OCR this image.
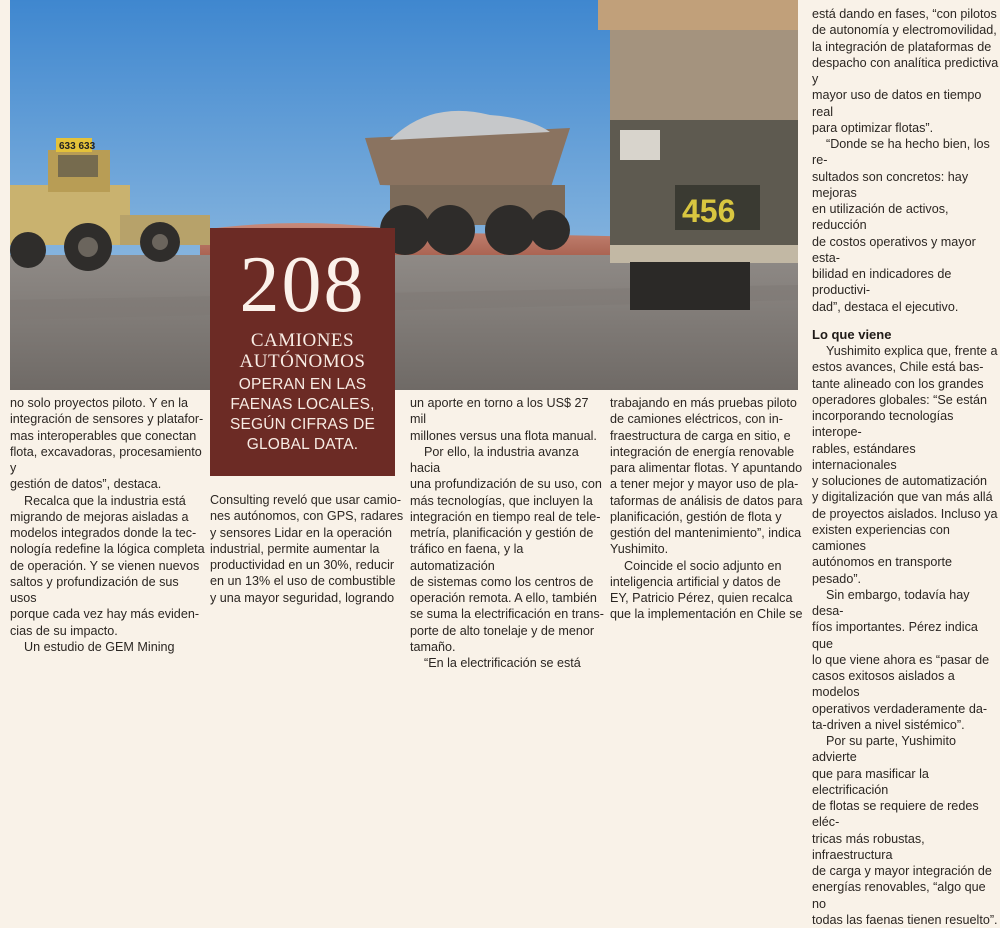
633 633
456
208
CAMIONES
AUTÓNOMOS
OPERAN EN LAS
FAENAS LOCALES,
SEGÚN CIFRAS DE
GLOBAL DATA.

no solo proyectos piloto. Y en la
integración de sensores y platafor-
mas interoperables que conectan
flota, excavadoras, procesamiento y
gestión de datos”, destaca.

Recalca que la industria está
migrando de mejoras aisladas a
modelos integrados donde la tec-
nología redefine la lógica completa
de operación. Y se vienen nuevos
saltos y profundización de sus usos
porque cada vez hay más eviden-
cias de su impacto.

Un estudio de GEM Mining

Consulting reveló que usar camio-
nes autónomos, con GPS, radares
y sensores Lidar en la operación
industrial, permite aumentar la
productividad en un 30%, reducir
en un 13% el uso de combustible
y una mayor seguridad, logrando

un aporte en torno a los US$ 27 mil
millones versus una flota manual.

Por ello, la industria avanza hacia
una profundización de su uso, con
más tecnologías, que incluyen la
integración en tiempo real de tele-
metría, planificación y gestión de
tráfico en faena, y la automatización
de sistemas como los centros de
operación remota. A ello, también
se suma la electrificación en trans-
porte de alto tonelaje y de menor
tamaño.

“En la electrificación se está

trabajando en más pruebas piloto
de camiones eléctricos, con in-
fraestructura de carga en sitio, e
integración de energía renovable
para alimentar flotas. Y apuntando
a tener mejor y mayor uso de pla-
taformas de análisis de datos para
planificación, gestión de flota y
gestión del mantenimiento”, indica
Yushimito.

Coincide el socio adjunto en
inteligencia artificial y datos de
EY, Patricio Pérez, quien recalca
que la implementación en Chile se

está dando en fases, “con pilotos
de autonomía y electromovilidad,
la integración de plataformas de
despacho con analítica predictiva y
mayor uso de datos en tiempo real
para optimizar flotas”.

“Donde se ha hecho bien, los re-
sultados son concretos: hay mejoras
en utilización de activos, reducción
de costos operativos y mayor esta-
bilidad en indicadores de productivi-
dad”, destaca el ejecutivo.

Lo que viene

Yushimito explica que, frente a
estos avances, Chile está bas-
tante alineado con los grandes
operadores globales: “Se están
incorporando tecnologías interope-
rables, estándares internacionales
y soluciones de automatización
y digitalización que van más allá
de proyectos aislados. Incluso ya
existen experiencias con camiones
autónomos en transporte pesado”.

Sin embargo, todavía hay desa-
fíos importantes. Pérez indica que
lo que viene ahora es “pasar de
casos exitosos aislados a modelos
operativos verdaderamente da-
ta-driven a nivel sistémico”.

Por su parte, Yushimito advierte
que para masificar la electrificación
de flotas se requiere de redes eléc-
tricas más robustas, infraestructura
de carga y mayor integración de
energías renovables, “algo que no
todas las faenas tienen resuelto”.
